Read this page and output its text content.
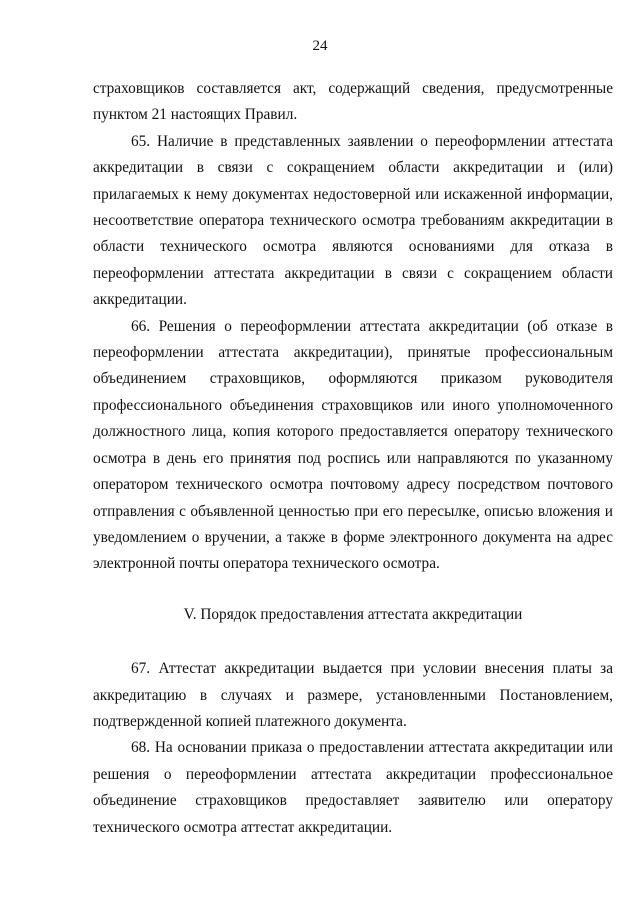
24

страховщиков составляется акт, содержащий сведения, предусмотренные пунктом 21 настоящих Правил.

65. Наличие в представленных заявлении о переоформлении аттестата аккредитации в связи с сокращением области аккредитации и (или) прилагаемых к нему документах недостоверной или искаженной информации, несоответствие оператора технического осмотра требованиям аккредитации в области технического осмотра являются основаниями для отказа в переоформлении аттестата аккредитации в связи с сокращением области аккредитации.

66. Решения о переоформлении аттестата аккредитации (об отказе в переоформлении аттестата аккредитации), принятые профессиональным объединением страховщиков, оформляются приказом руководителя профессионального объединения страховщиков или иного уполномоченного должностного лица, копия которого предоставляется оператору технического осмотра в день его принятия под роспись или направляются по указанному оператором технического осмотра почтовому адресу посредством почтового отправления с объявленной ценностью при его пересылке, описью вложения и уведомлением о вручении, а также в форме электронного документа на адрес электронной почты оператора технического осмотра.

V. Порядок предоставления аттестата аккредитации

67. Аттестат аккредитации выдается при условии внесения платы за аккредитацию в случаях и размере, установленными Постановлением, подтвержденной копией платежного документа.

68. На основании приказа о предоставлении аттестата аккредитации или решения о переоформлении аттестата аккредитации профессиональное объединение страховщиков предоставляет заявителю или оператору технического осмотра аттестат аккредитации.
